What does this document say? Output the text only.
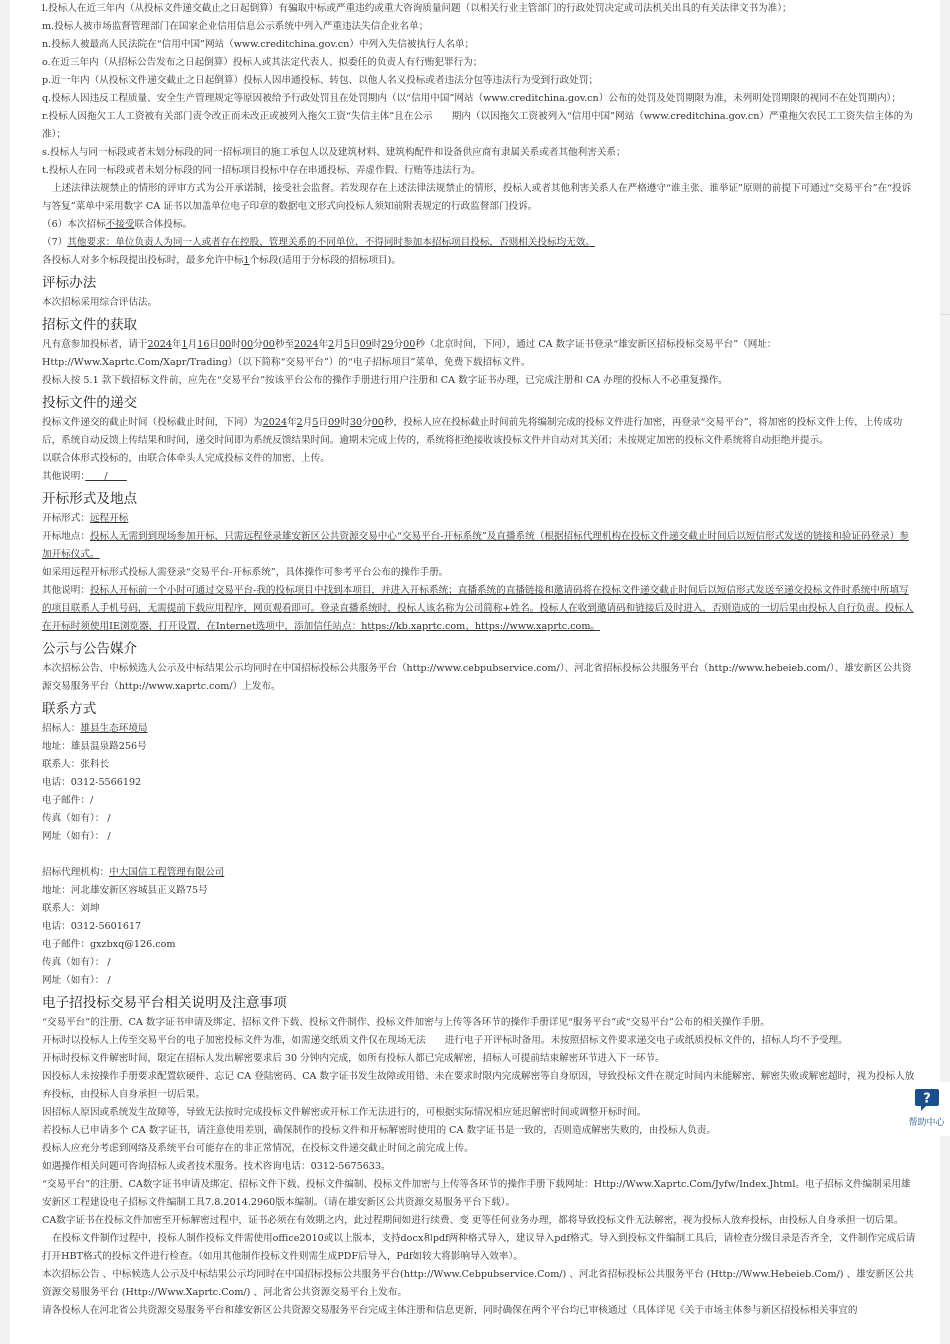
l.投标人在近三年内（从投标文件递交截止之日起倒算）有骗取中标或严重违约或重大咨询质量问题（以相关行业主管部门的行政处罚决定或司法机关出具的有关法律文书为准）；

m.投标人被市场监督管理部门在国家企业信用信息公示系统中列入严重违法失信企业名单；

n.投标人被最高人民法院在“信用中国”网站（www.creditchina.gov.cn）中列入失信被执行人名单；

o.在近三年内（从招标公告发布之日起倒算）投标人或其法定代表人、拟委任的负责人有行贿犯罪行为；

p.近一年内（从投标文件递交截止之日起倒算）投标人因串通投标、转包、以他人名义投标或者违法分包等违法行为受到行政处罚；

q.投标人因违反工程质量、安全生产管理规定等原因被给予行政处罚且在处罚期内（以“信用中国”网站（www.creditchina.gov.cn）公布的处罚及处罚期限为准，未列明处罚期限的视同不在处罚期内）；

r.投标人因拖欠工人工资被有关部门责令改正而未改正或被列入拖欠工资“失信主体”且在公示　　期内（以因拖欠工资被列入“信用中国”网站（www.creditchina.gov.cn）严重拖欠农民工工资失信主体的为准）；

s.投标人与同一标段或者未划分标段的同一招标项目的施工承包人以及建筑材料、建筑构配件和设备供应商有隶属关系或者其他利害关系；

t.投标人在同一标段或者未划分标段的同一招标项目投标中存在串通投标、弄虚作假、行贿等违法行为。

上述法律法规禁止的情形的评审方式为公开承诺制，接受社会监督。若发现存在上述法律法规禁止的情形，投标人或者其他利害关系人在严格遵守“谁主张、谁举证”原则的前提下可通过“交易平台”在“投诉与答复”菜单中采用数字 CA 证书以加盖单位电子印章的数据电文形式向投标人须知前附表规定的行政监督部门投诉。

（6）本次招标不接受联合体投标。

（7）其他要求：单位负责人为同一人或者存在控股、管理关系的不同单位，不得同时参加本招标项目投标，否则相关投标均无效。

各投标人对多个标段提出投标时，最多允许中标1个标段(适用于分标段的招标项目)。

评标办法

本次招标采用综合评估法。

招标文件的获取

凡有意参加投标者，请于2024年1月16日00时00分00秒至2024年2月5日09时29分00秒（北京时间，下同），通过 CA 数字证书登录“雄安新区招标投标交易平台”（网址：Http://Www.Xaprtc.Com/Xapr/Trading）（以下简称“交易平台”）的“电子招标项目”菜单，免费下载招标文件。

投标人按 5.1 款下载招标文件前，应先在“交易平台”按该平台公布的操作手册进行用户注册和 CA 数字证书办理，已完成注册和 CA 办理的投标人不必重复操作。

投标文件的递交

投标文件递交的截止时间（投标截止时间，下同）为2024年2月5日09时30分00秒，投标人应在投标截止时间前先将编制完成的投标文件进行加密，再登录“交易平台”，将加密的投标文件上传，上传成功后，系统自动反馈上传结果和时间，递交时间即为系统反馈结果时间。逾期未完成上传的，系统将拒绝接收该投标文件并自动对其关闭；未按规定加密的投标文件系统将自动拒绝并提示。

以联合体形式投标的，由联合体牵头人完成投标文件的加密、上传。

其他说明：　　/　　

开标形式及地点

开标形式：远程开标

开标地点：投标人无需到到现场参加开标，只需远程登录雄安新区公共资源交易中心“交易平台-开标系统”及直播系统（根据招标代理机构在投标文件递交截止时间后以短信形式发送的链接和验证码登录）参加开标仪式。

如采用远程开标形式投标人需登录“交易平台-开标系统”，具体操作可参考平台公布的操作手册。

其他说明：投标人开标前一个小时可通过交易平台-我的投标项目中找到本项目，并进入开标系统；直播系统的直播链接和邀请码将在投标文件递交截止时间后以短信形式发送至递交投标文件时系统中所填写的项目联系人手机号码，无需提前下载应用程序，网页观看即可。登录直播系统时，投标人该名称为公司简称+姓名。投标人在收到邀请码和链接后及时进入，否则造成的一切后果由投标人自行负责。投标人在开标时须使用IE浏览器，打开设置，在Internet选项中，添加信任站点：https://kb.xaprtc.com、https://www.xaprtc.com。

公示与公告媒介

本次招标公告、中标候选人公示及中标结果公示均同时在中国招标投标公共服务平台（http://www.cebpubservice.com/）、河北省招标投标公共服务平台（http://www.hebeieb.com/）、雄安新区公共资源交易服务平台（http://www.xaprtc.com/）上发布。

联系方式

招标人：雄县生态环境局

地址：雄县温泉路256号

联系人：张科长

电话：0312-5566192

电子邮件：/

传真（如有）： /

网址（如有）： /

招标代理机构：中大国信工程管理有限公司

地址：河北雄安新区容城县正义路75号

联系人：刘坤

电话：0312-5601617

电子邮件：gxzbxq@126.com

传真（如有）： /

网址（如有）： /

电子招投标交易平台相关说明及注意事项

“交易平台”的注册、CA 数字证书申请及绑定、招标文件下载、投标文件制作、投标文件加密与上传等各环节的操作手册详见“服务平台”或“交易平台”公布的相关操作手册。

开标时以投标人上传至交易平台的电子加密投标文件为准，如需递交纸质文件仅在现场无法　　进行电子开评标时备用。未按照招标文件要求递交电子或纸质投标文件的，招标人均不予受理。

开标时投标文件解密时间，限定在招标人发出解密要求后 30 分钟内完成，如所有投标人都已完成解密，招标人可提前结束解密环节进入下一环节。

因投标人未按操作手册要求配置软硬件、忘记 CA 登陆密码、CA 数字证书发生故障或用错、未在要求时限内完成解密等自身原因，导致投标文件在规定时间内未能解密、解密失败或解密超时，视为投标人放弃投标，由投标人自身承担一切后果。

因招标人原因或系统发生故障等，导致无法按时完成投标文件解密或开标工作无法进行的，可根据实际情况相应延迟解密时间或调整开标时间。

若投标人已申请多个 CA 数字证书，请注意使用差别，确保制作的投标文件和开标解密时使用的 CA 数字证书是一致的，否则造成解密失败的，由投标人负责。

投标人应充分考虑到网络及系统平台可能存在的非正常情况，在投标文件递交截止时间之前完成上传。

如遇操作相关问题可咨询招标人或者技术服务。技术咨询电话：0312-5675633。

“交易平台”的注册、CA数字证书申请及绑定、招标文件下载、投标文件编制、投标文件加密与上传等各环节的操作手册下载网址：Http://Www.Xaprtc.Com/Jyfw/Index.Jhtml。电子招标文件编制采用雄安新区工程建设电子招标文件编制工具7.8.2014.2960版本编制。（请在雄安新区公共资源交易服务平台下载）。

CA数字证书在投标文件加密至开标解密过程中，证书必须在有效期之内，此过程期间如进行续费、变 更等任何业务办理，都将导致投标文件无法解密，视为投标人放弃投标，由投标人自身承担一切后果。

在投标文件制作过程中，投标人制作投标文件需使用office2010或以上版本，支持docx和pdf两种格式导入，建议导入pdf格式。导入到投标文件编制工具后，请检查分级目录是否齐全，文件制作完成后请打开HBT格式的投标文件进行检查。（如用其他制作投标文件则需生成PDF后导入，Pdf如较大将影响导入效率）。

本次招标公告 、中标候选人公示及中标结果公示均同时在中国招标投标公共服务平台(http://Www.Cebpubservice.Com/) 、河北省招标投标公共服务平台 (Http://Www.Hebeieb.Com/) 、雄安新区公共资源交易服务平台 (Http://Www.Xaprtc.Com/) 、河北省公共资源交易平台上发布。

请各投标人在河北省公共资源交易服务平台和雄安新区公共资源交易服务平台完成主体注册和信息更新，同时确保在两个平台均已审核通过（具体详见《关于市场主体参与新区招投标相关事宜的

?
帮助中心
